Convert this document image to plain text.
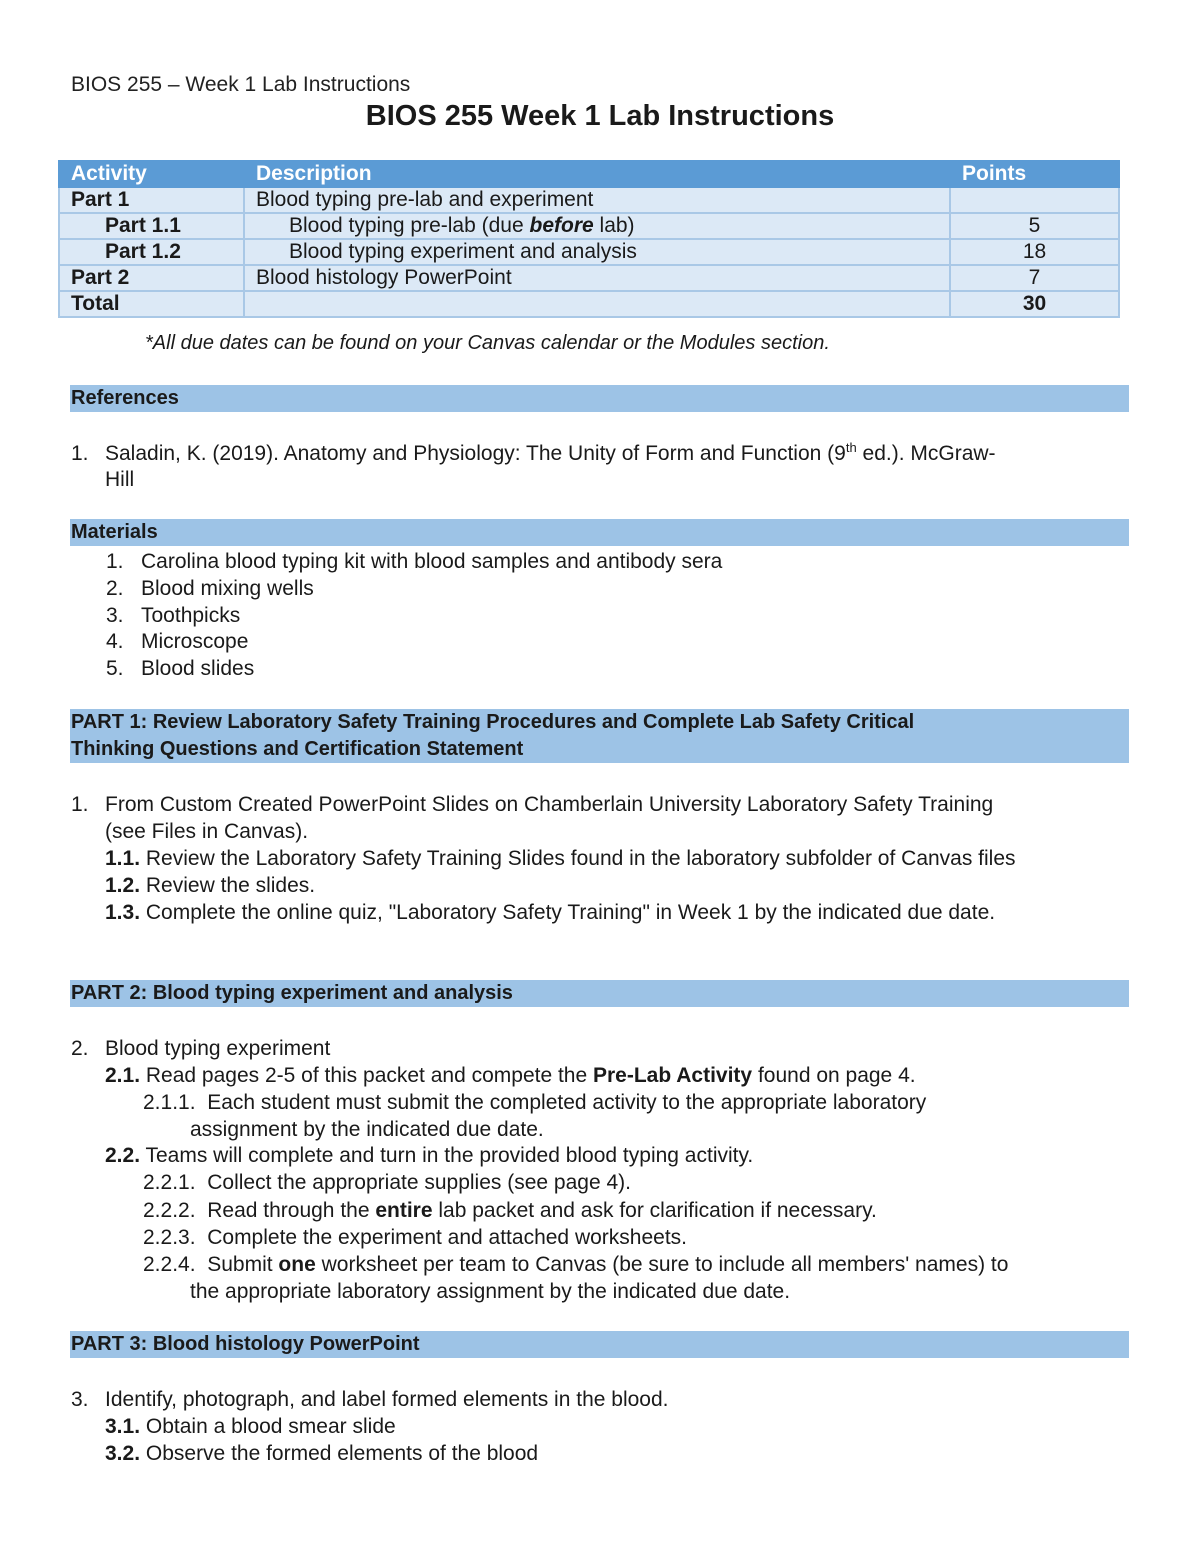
BIOS 255 – Week 1 Lab Instructions
BIOS 255 Week 1 Lab Instructions
Activity	Description	Points
Part 1	Blood typing pre-lab and experiment	
Part 1.1	Blood typing pre-lab (due before lab)	5
Part 1.2	Blood typing experiment and analysis	18
Part 2	Blood histology PowerPoint	7
Total		30
*All due dates can be found on your Canvas calendar or the Modules section.
References
1. Saladin, K. (2019). Anatomy and Physiology: The Unity of Form and Function (9th ed.). McGraw-
Hill
Materials
1. Carolina blood typing kit with blood samples and antibody sera
2. Blood mixing wells
3. Toothpicks
4. Microscope
5. Blood slides
PART 1: Review Laboratory Safety Training Procedures and Complete Lab Safety Critical
Thinking Questions and Certification Statement
1. From Custom Created PowerPoint Slides on Chamberlain University Laboratory Safety Training
(see Files in Canvas).
1.1. Review the Laboratory Safety Training Slides found in the laboratory subfolder of Canvas files
1.2. Review the slides.
1.3. Complete the online quiz, "Laboratory Safety Training" in Week 1 by the indicated due date.
PART 2: Blood typing experiment and analysis
2. Blood typing experiment
2.1. Read pages 2-5 of this packet and compete the Pre-Lab Activity found on page 4.
2.1.1. Each student must submit the completed activity to the appropriate laboratory
assignment by the indicated due date.
2.2. Teams will complete and turn in the provided blood typing activity.
2.2.1. Collect the appropriate supplies (see page 4).
2.2.2. Read through the entire lab packet and ask for clarification if necessary.
2.2.3. Complete the experiment and attached worksheets.
2.2.4. Submit one worksheet per team to Canvas (be sure to include all members' names) to
the appropriate laboratory assignment by the indicated due date.
PART 3: Blood histology PowerPoint
3. Identify, photograph, and label formed elements in the blood.
3.1. Obtain a blood smear slide
3.2. Observe the formed elements of the blood
